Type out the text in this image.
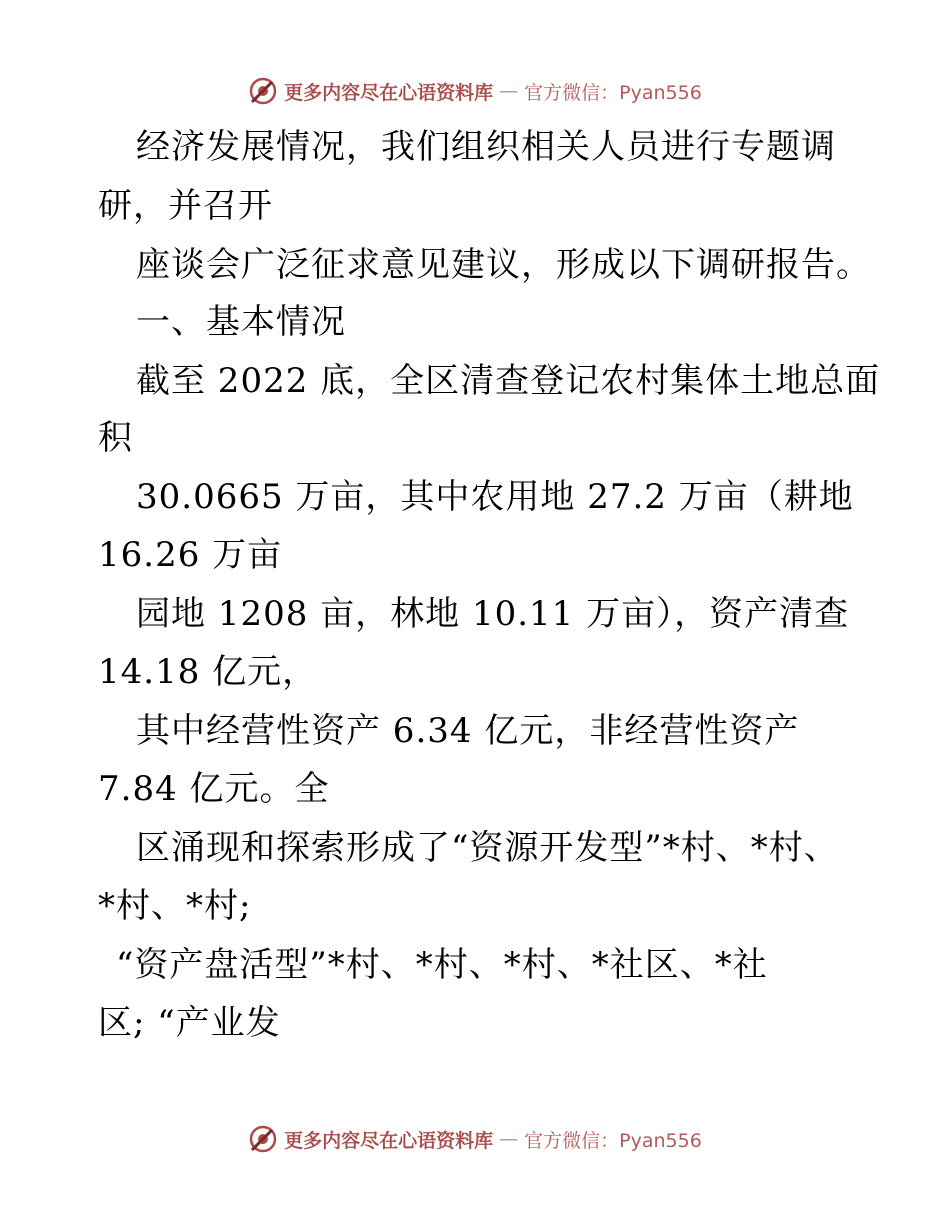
更多内容尽在心语资料库 — 官方微信：Pyan556
经济发展情况，我们组织相关人员进行专题调
研，并召开
座谈会广泛征求意见建议，形成以下调研报告。
一、基本情况
截至 2022 底，全区清查登记农村集体土地总面
积
30.0665 万亩，其中农用地 27.2 万亩（耕地
16.26 万亩
园地 1208 亩，林地 10.11 万亩），资产清查
14.18 亿元，
其中经营性资产 6.34 亿元，非经营性资产
7.84 亿元。全
区涌现和探索形成了“资源开发型”*村、*村、
*村、*村;
“资产盘活型”*村、*村、*村、*社区、*社
区; “产业发
更多内容尽在心语资料库 — 官方微信：Pyan556
